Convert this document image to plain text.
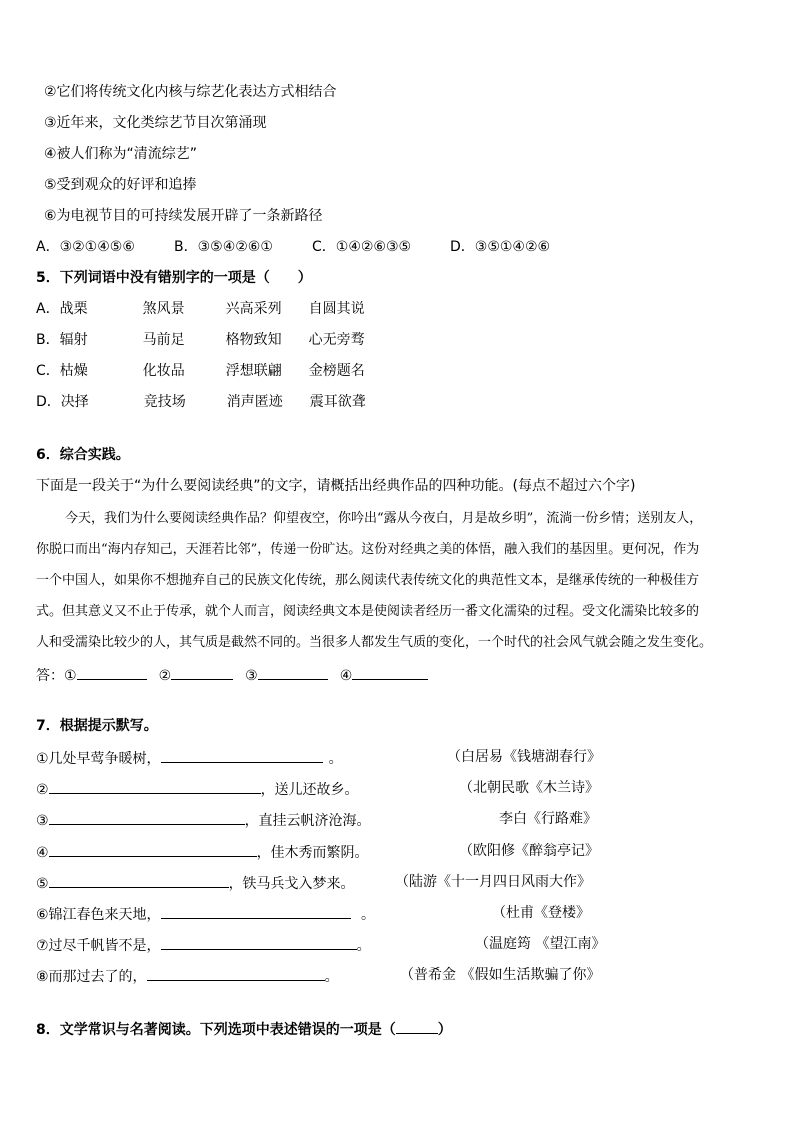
②它们将传统文化内核与综艺化表达方式相结合
③近年来，文化类综艺节目次第涌现
④被人们称为“清流综艺”
⑤受到观众的好评和追捧
⑥为电视节目的可持续发展开辟了一条新路径
A．③②①④⑤⑥	B．③⑤④②⑥①	C．①④②⑥③⑤	D．③⑤①④②⑥
5．下列词语中没有错别字的一项是（　　）
A．战栗	煞风景	兴高采列 自圆其说
B．辐射	马前足	格物致知 心无旁骛
C．枯燥	化妆品	浮想联翩 金榜题名
D．决择	竞技场	消声匿迹 震耳欲聋
6．综合实践。
下面是一段关于“为什么要阅读经典”的文字，请概括出经典作品的四种功能。(每点不超过六个字)
今天，我们为什么要阅读经典作品？仰望夜空，你吟出“露从今夜白，月是故乡明”，流淌一份乡情；送别友人，
你脱口而出“海内存知己，天涯若比邻”，传递一份旷达。这份对经典之美的体悟，融入我们的基因里。更何况，作为
一个中国人，如果你不想抛弃自己的民族文化传统，那么阅读代表传统文化的典范性文本，是继承传统的一种极佳方
式。但其意义又不止于传承，就个人而言，阅读经典文本是使阅读者经历一番文化濡染的过程。受文化濡染比较多的
人和受濡染比较少的人，其气质是截然不同的。当很多人都发生气质的变化，一个时代的社会风气就会随之发生变化。
答：①	②	③	④
7．根据提示默写。
①几处早莺争暖树，	。	（白居易《钱塘湖春行》
②	，送儿还故乡。	（北朝民歌《木兰诗》
③	，直挂云帆济沧海。	李白《行路难》
④	，佳木秀而繁阴。	（欧阳修《醉翁亭记》
⑤	，铁马兵戈入梦来。	（陆游《十一月四日风雨大作》
⑥锦江春色来天地，	。	（杜甫《登楼》
⑦过尽千帆皆不是，	。	（温庭筠 《望江南》
⑧而那过去了的，	。	（普希金 《假如生活欺骗了你》
8．文学常识与名著阅读。下列选项中表述错误的一项是（	）
